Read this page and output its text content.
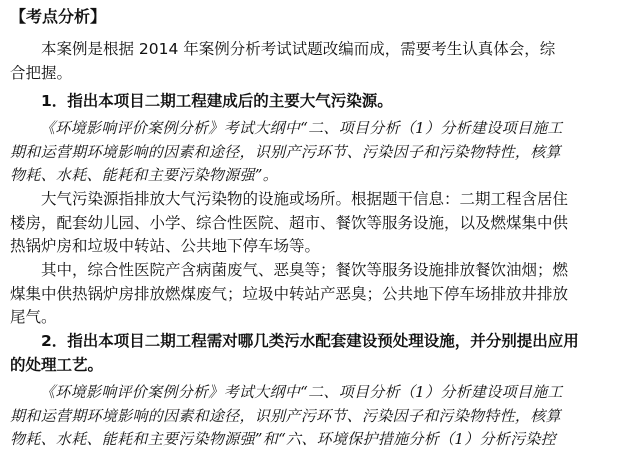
【考点分析】

本案例是根据 2014 年案例分析考试试题改编而成，需要考生认真体会，综
合把握。

1．指出本项目二期工程建成后的主要大气污染源。

《环境影响评价案例分析》考试大纲中“二、项目分析（1）分析建设项目施工
期和运营期环境影响的因素和途径，识别产污环节、污染因子和污染物特性，核算
物耗、水耗、能耗和主要污染物源强”。

大气污染源指排放大气污染物的设施或场所。根据题干信息：二期工程含居住
楼房，配套幼儿园、小学、综合性医院、超市、餐饮等服务设施，以及燃煤集中供
热锅炉房和垃圾中转站、公共地下停车场等。

其中，综合性医院产含病菌废气、恶臭等；餐饮等服务设施排放餐饮油烟；燃
煤集中供热锅炉房排放燃煤废气；垃圾中转站产恶臭；公共地下停车场排放井排放
尾气。

2．指出本项目二期工程需对哪几类污水配套建设预处理设施，并分别提出应用
的处理工艺。

《环境影响评价案例分析》考试大纲中“二、项目分析（1）分析建设项目施工
期和运营期环境影响的因素和途径，识别产污环节、污染因子和污染物特性，核算
物耗、水耗、能耗和主要污染物源强”和“六、环境保护措施分析（1）分析污染控
